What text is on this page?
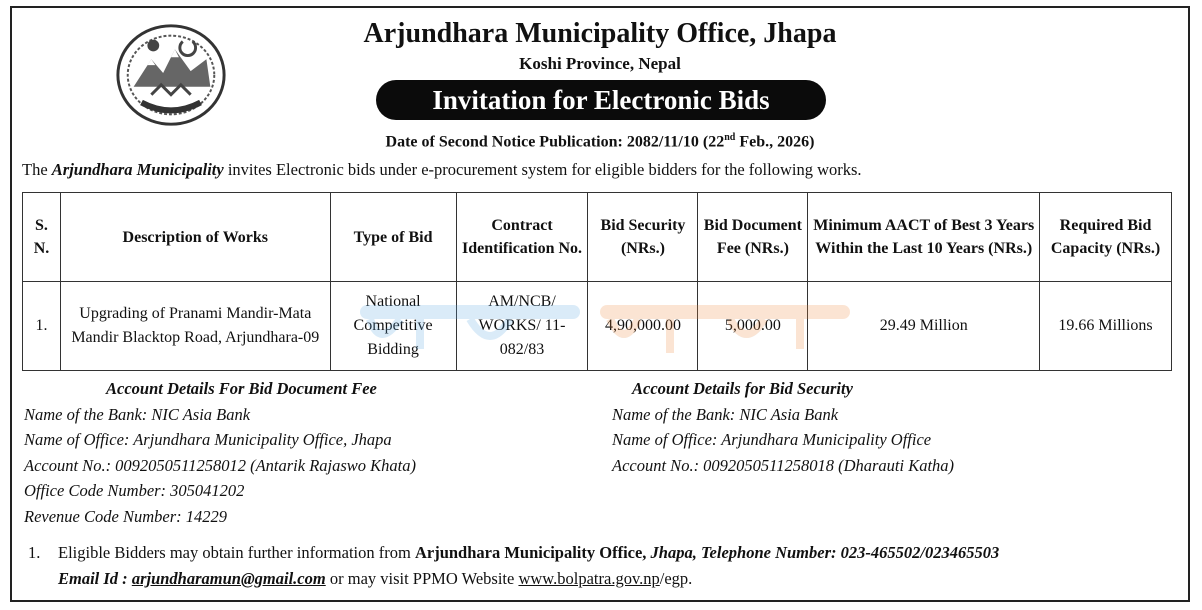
Arjundhara Municipality Office, Jhapa
Koshi Province, Nepal
Invitation for Electronic Bids
Date of Second Notice Publication: 2082/11/10 (22nd Feb., 2026)
The Arjundhara Municipality invites Electronic bids under e-procurement system for eligible bidders for the following works.
S. N.	Description of Works	Type of Bid	Contract Identification No.	Bid Security (NRs.)	Bid Document Fee (NRs.)	Minimum AACT of Best 3 Years Within the Last 10 Years (NRs.)	Required Bid Capacity (NRs.)
1.	Upgrading of Pranami Mandir-Mata Mandir Blacktop Road, Arjundhara-09	National Competitive Bidding	AM/NCB/ WORKS/ 11-082/83	4,90,000.00	5,000.00	29.49 Million	19.66 Millions
Account Details For Bid Document Fee
Name of the Bank: NIC Asia Bank
Name of Office: Arjundhara Municipality Office, Jhapa
Account No.: 0092050511258012 (Antarik Rajaswo Khata)
Office Code Number: 305041202
Revenue Code Number: 14229
Account Details for Bid Security
Name of the Bank: NIC Asia Bank
Name of Office: Arjundhara Municipality Office
Account No.: 0092050511258018 (Dharauti Katha)
1. Eligible Bidders may obtain further information from Arjundhara Municipality Office, Jhapa, Telephone Number: 023-465502/023465503
Email Id : arjundharamun@gmail.com or may visit PPMO Website www.bolpatra.gov.np/egp.
